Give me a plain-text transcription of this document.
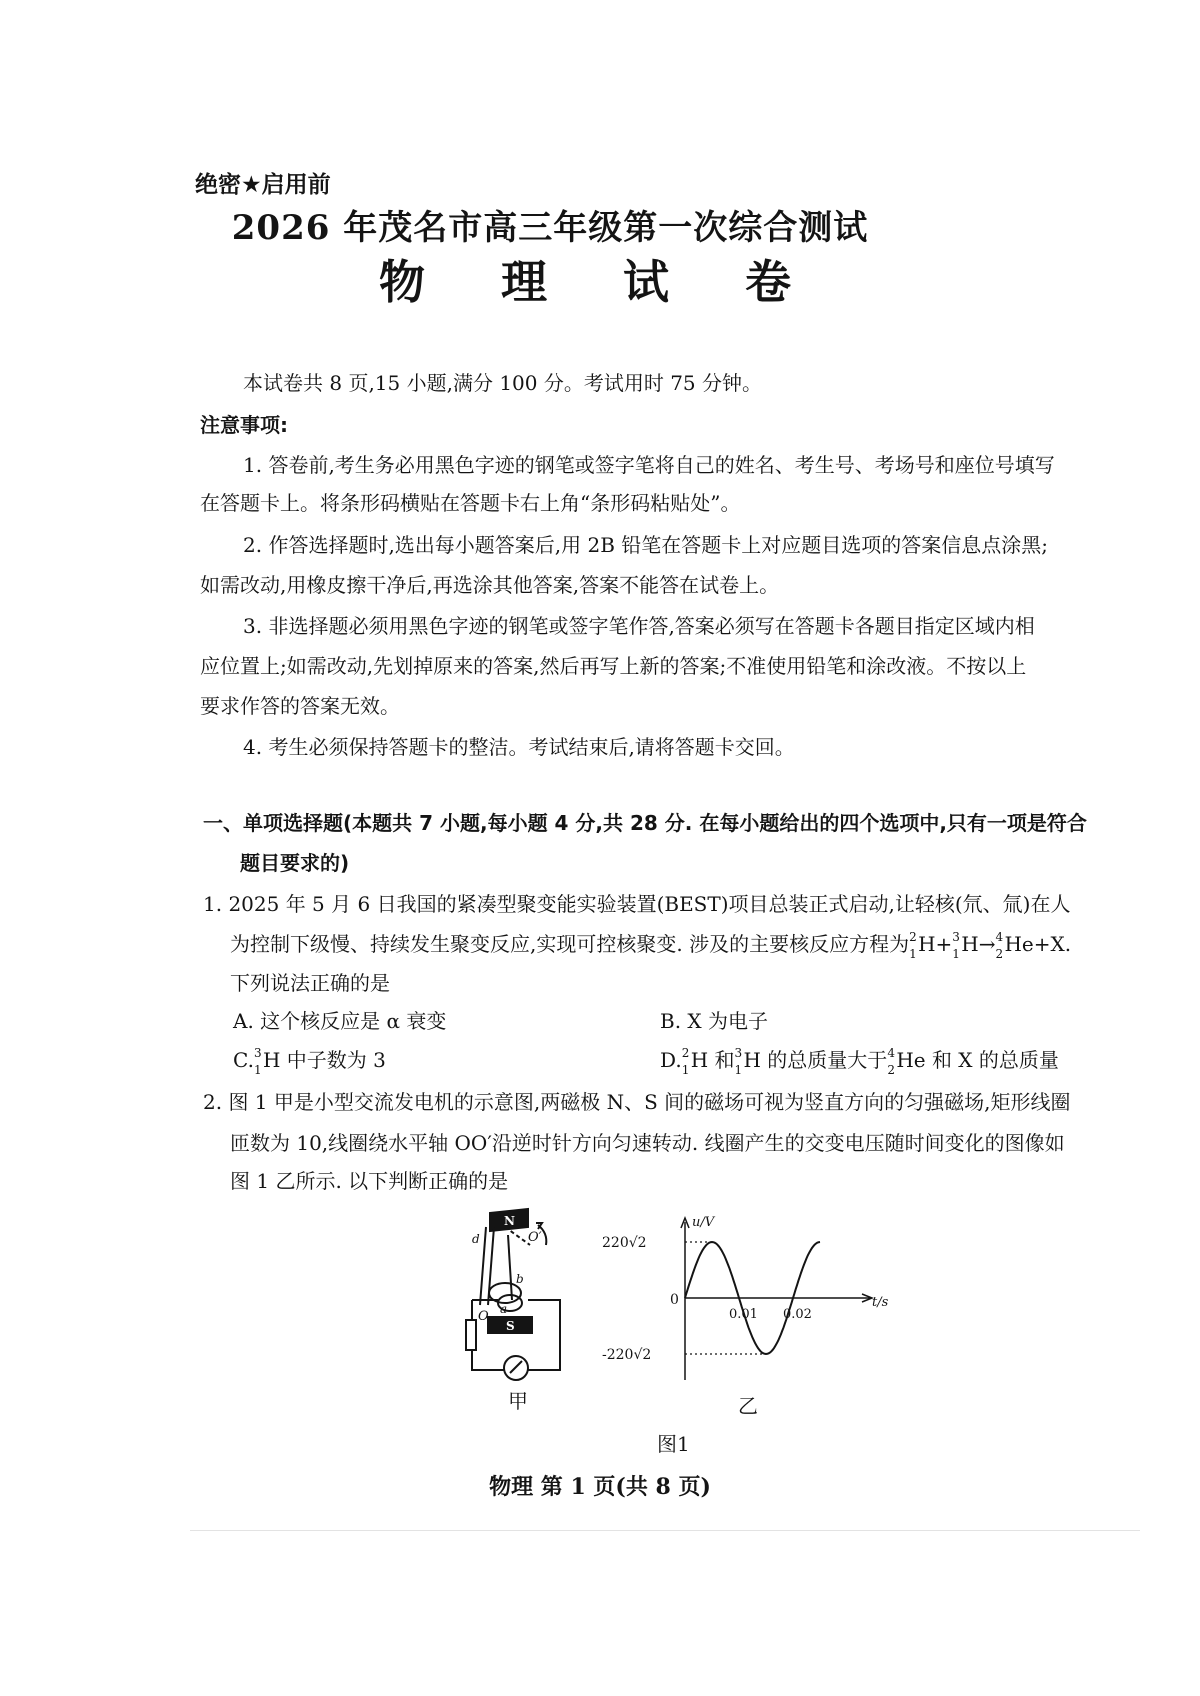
绝密★启用前
2026 年茂名市高三年级第一次综合测试
物 理 试 卷
本试卷共 8 页,15 小题,满分 100 分。考试用时 75 分钟。
注意事项:
1. 答卷前,考生务必用黑色字迹的钢笔或签字笔将自己的姓名、考生号、考场号和座位号填写
在答题卡上。将条形码横贴在答题卡右上角“条形码粘贴处”。
2. 作答选择题时,选出每小题答案后,用 2B 铅笔在答题卡上对应题目选项的答案信息点涂黑;
如需改动,用橡皮擦干净后,再选涂其他答案,答案不能答在试卷上。
3. 非选择题必须用黑色字迹的钢笔或签字笔作答,答案必须写在答题卡各题目指定区域内相
应位置上;如需改动,先划掉原来的答案,然后再写上新的答案;不准使用铅笔和涂改液。不按以上
要求作答的答案无效。
4. 考生必须保持答题卡的整洁。考试结束后,请将答题卡交回。
一、单项选择题(本题共 7 小题,每小题 4 分,共 28 分. 在每小题给出的四个选项中,只有一项是符合
题目要求的)
1. 2025 年 5 月 6 日我国的紧凑型聚变能实验装置(BEST)项目总装正式启动,让轻核(氘、氚)在人
为控制下级慢、持续发生聚变反应,实现可控核聚变. 涉及的主要核反应方程为 2
1 H+ 3
1 H→ 4
2 He+X.
下列说法正确的是
A. 这个核反应是 α 衰变	B. X 为电子
C. 3
1 H 中子数为 3	D. 2
1 H 和 3
1 H 的总质量大于 4
2 He 和 X 的总质量
2. 图 1 甲是小型交流发电机的示意图,两磁极 N、S 间的磁场可视为竖直方向的匀强磁场,矩形线圈
匝数为 10,线圈绕水平轴 OO′沿逆时针方向匀速转动. 线圈产生的交变电压随时间变化的图像如
图 1 乙所示. 以下判断正确的是
N
S
O′
O
d
b
a
甲
220√2
-220√2
0.01 0.02
u/V
t/s
0
乙
图1
物理 第 1 页(共 8 页)
